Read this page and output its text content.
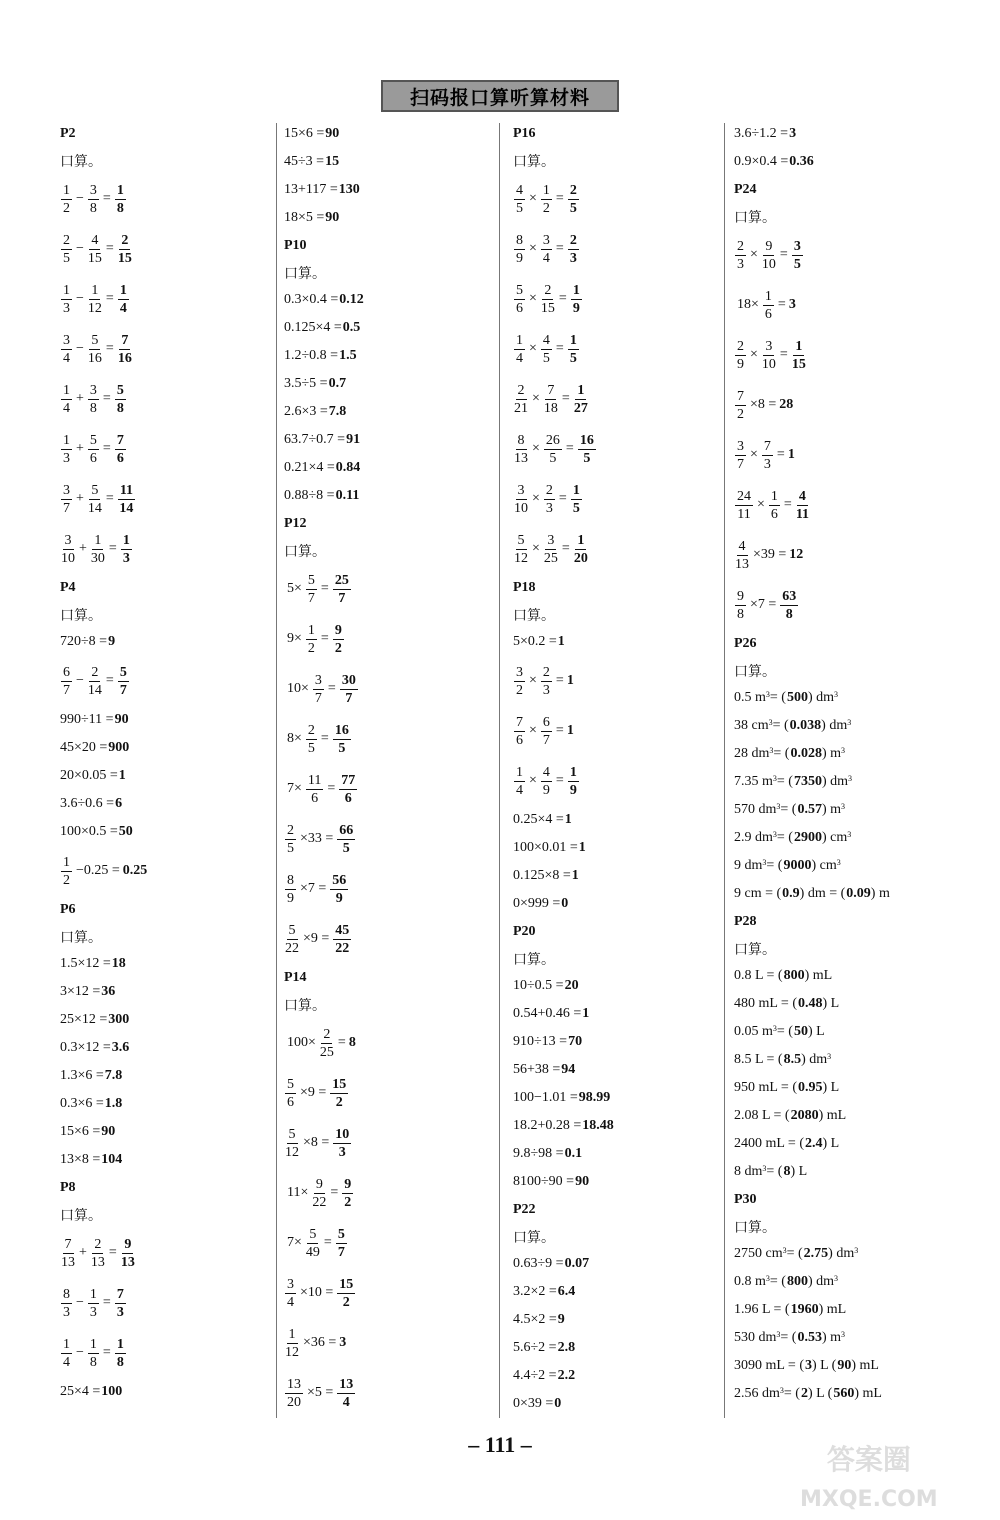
扫码报口算听算材料
P2
口算。
$\frac{1}{2} - \frac{3}{8} = \frac{1}{8}$
$\frac{2}{5} - \frac{4}{15} = \frac{2}{15}$
$\frac{1}{3} - \frac{1}{12} = \frac{1}{4}$
$\frac{3}{4} - \frac{5}{16} = \frac{7}{16}$
$\frac{1}{4} + \frac{3}{8} = \frac{5}{8}$
$\frac{1}{3} + \frac{5}{6} = \frac{7}{6}$
$\frac{3}{7} + \frac{5}{14} = \frac{11}{14}$
$\frac{3}{10} + \frac{1}{30} = \frac{1}{3}$
P4
口算。
720÷8 = 9
$\frac{6}{7} - \frac{2}{14} = \frac{5}{7}$
990÷11 = 90
45×20 = 900
20×0.05 = 1
3.6÷0.6 = 6
100×0.5 = 50
$\frac{1}{2} -0.25 = 0.25$
P6
口算。
1.5×12 = 18
3×12 = 36
25×12 = 300
0.3×12 = 3.6
1.3×6 = 7.8
0.3×6 = 1.8
15×6 = 90
13×8 = 104
P8
口算。
$\frac{7}{13} + \frac{2}{13} = \frac{9}{13}$
$\frac{8}{3} - \frac{1}{3} = \frac{7}{3}$
$\frac{1}{4} - \frac{1}{8} = \frac{1}{8}$
25×4 = 100
15×6 = 90
45÷3 = 15
13+117 = 130
18×5 = 90
P10
口算。
0.3×0.4 = 0.12
0.125×4 = 0.5
1.2÷0.8 = 1.5
3.5÷5 = 0.7
2.6×3 = 7.8
63.7÷0.7 = 91
0.21×4 = 0.84
0.88÷8 = 0.11
P12
口算。
$5\times \frac{5}{7} = \frac{25}{7}$
$9\times \frac{1}{2} = \frac{9}{2}$
$10\times \frac{3}{7} = \frac{30}{7}$
$8\times \frac{2}{5} = \frac{16}{5}$
$7\times \frac{11}{6} = \frac{77}{6}$
$\frac{2}{5} \times 33 = \frac{66}{5}$
$\frac{8}{9} \times 7 = \frac{56}{9}$
$\frac{5}{22} \times 9 = \frac{45}{22}$
P14
口算。
$100\times \frac{2}{25} = 8$
$\frac{5}{6} \times 9 = \frac{15}{2}$
$\frac{5}{12} \times 8 = \frac{10}{3}$
$11\times \frac{9}{22} = \frac{9}{2}$
$7\times \frac{5}{49} = \frac{5}{7}$
$\frac{3}{4} \times 10 = \frac{15}{2}$
$\frac{1}{12} \times 36 = 3$
$\frac{13}{20} \times 5 = \frac{13}{4}$
P16
口算。
$\frac{4}{5} \times \frac{1}{2} = \frac{2}{5}$
$\frac{8}{9} \times \frac{3}{4} = \frac{2}{3}$
$\frac{5}{6} \times \frac{2}{15} = \frac{1}{9}$
$\frac{1}{4} \times \frac{4}{5} = \frac{1}{5}$
$\frac{2}{21} \times \frac{7}{18} = \frac{1}{27}$
$\frac{8}{13} \times \frac{26}{5} = \frac{16}{5}$
$\frac{3}{10} \times \frac{2}{3} = \frac{1}{5}$
$\frac{5}{12} \times \frac{3}{25} = \frac{1}{20}$
P18
口算。
5×0.2 = 1
$\frac{3}{2} \times \frac{2}{3} = 1$
$\frac{7}{6} \times \frac{6}{7} = 1$
$\frac{1}{4} \times \frac{4}{9} = \frac{1}{9}$
0.25×4 = 1
100×0.01 = 1
0.125×8 = 1
0×999 = 0
P20
口算。
10÷0.5 = 20
0.54+0.46 = 1
910÷13 = 70
56+38 = 94
100−1.01 = 98.99
18.2+0.28 = 18.48
9.8÷98 = 0.1
8100÷90 = 90
P22
口算。
0.63÷9 = 0.07
3.2×2 = 6.4
4.5×2 = 9
5.6÷2 = 2.8
4.4÷2 = 2.2
0×39 = 0
3.6÷1.2 = 3
0.9×0.4 = 0.36
P24
口算。
$\frac{2}{3} \times \frac{9}{10} = \frac{3}{5}$
$18\times \frac{1}{6} = 3$
$\frac{2}{9} \times \frac{3}{10} = \frac{1}{15}$
$\frac{7}{2} \times 8 = 28$
$\frac{3}{7} \times \frac{7}{3} = 1$
$\frac{24}{11} \times \frac{1}{6} = \frac{4}{11}$
$\frac{4}{13} \times 39 = 12$
$\frac{9}{8} \times 7 = \frac{63}{8}$
P26
口算。
0.5 m 3 = ( 500 ) dm 3
38 cm 3 = ( 0.038 ) dm 3
28 dm 3 = ( 0.028 ) m 3
7.35 m 3 = ( 7350 ) dm 3
570 dm 3 = ( 0.57 ) m 3
2.9 dm 3 = ( 2900 ) cm 3
9 dm 3 = ( 9000 ) cm 3
9 cm = ( 0.9 ) dm = ( 0.09 ) m
P28
口算。
0.8 L = ( 800 ) mL
480 mL = ( 0.48 ) L
0.05 m 3 = ( 50 ) L
8.5 L = ( 8.5 ) dm 3
950 mL = ( 0.95 ) L
2.08 L = ( 2080 ) mL
2400 mL = ( 2.4 ) L
8 dm 3 = ( 8 ) L
P30
口算。
2750 cm 3 = ( 2.75 ) dm 3
0.8 m 3 = ( 800 ) dm 3
1.96 L = ( 1960 ) mL
530 dm 3 = ( 0.53 ) m 3
3090 mL = ( 3 ) L ( 90 ) mL
2.56 dm 3 = ( 2 ) L ( 560 ) mL
– 111 –	答案圈
MXQE.COM
